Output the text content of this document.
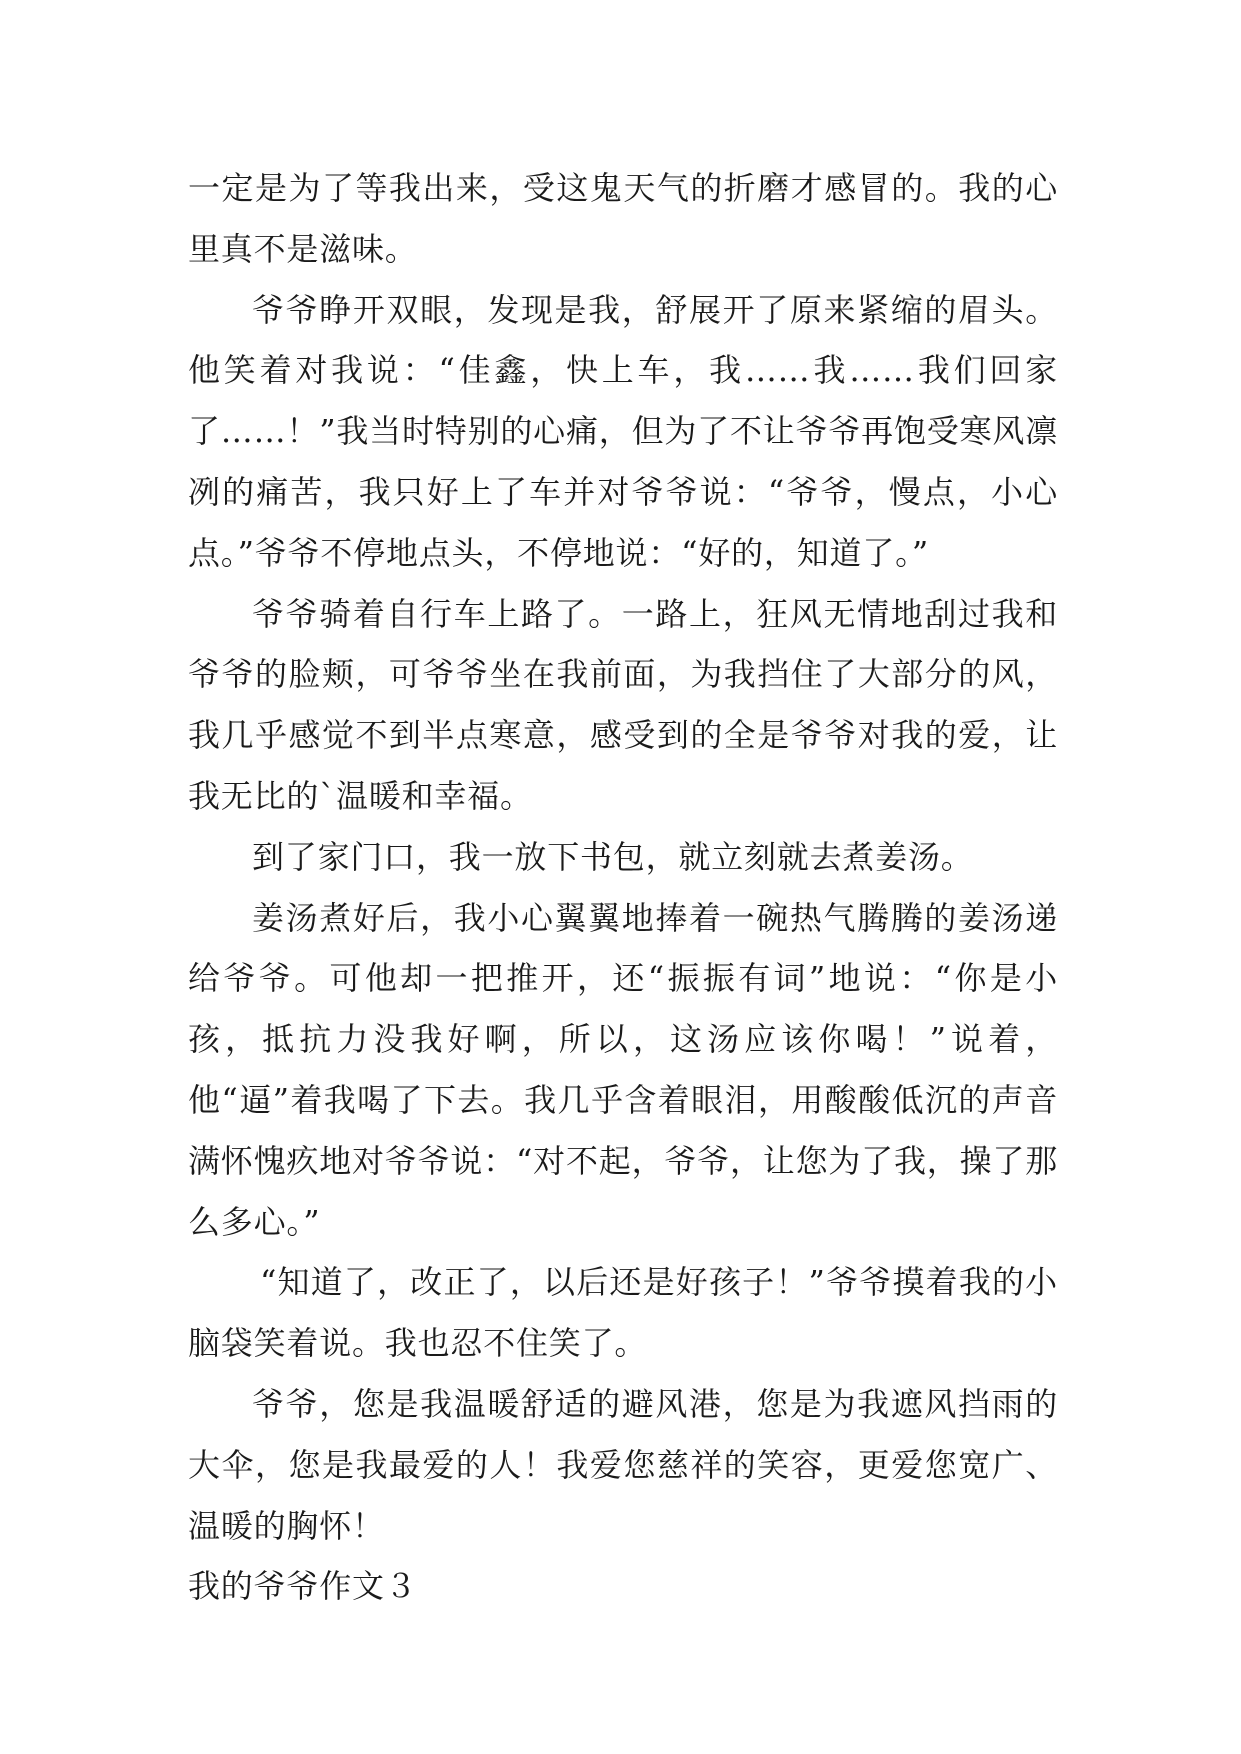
一定是为了等我出来，受这鬼天气的折磨才感冒的。我的心里真不是滋味。

爷爷睁开双眼，发现是我，舒展开了原来紧缩的眉头。他笑着对我说：“佳鑫，快上车，我……我……我们回家了……！”我当时特别的心痛，但为了不让爷爷再饱受寒风凛冽的痛苦，我只好上了车并对爷爷说：“爷爷，慢点，小心点。”爷爷不停地点头，不停地说：“好的，知道了。”

爷爷骑着自行车上路了。一路上，狂风无情地刮过我和爷爷的脸颊，可爷爷坐在我前面，为我挡住了大部分的风，我几乎感觉不到半点寒意，感受到的全是爷爷对我的爱，让我无比的`温暖和幸福。

到了家门口，我一放下书包，就立刻就去煮姜汤。

姜汤煮好后，我小心翼翼地捧着一碗热气腾腾的姜汤递给爷爷。可他却一把推开，还“振振有词”地说：“你是小孩，抵抗力没我好啊，所以，这汤应该你喝！”说着，他“逼”着我喝了下去。我几乎含着眼泪，用酸酸低沉的声音满怀愧疚地对爷爷说：“对不起，爷爷，让您为了我，操了那么多心。”

“知道了，改正了，以后还是好孩子！”爷爷摸着我的小脑袋笑着说。我也忍不住笑了。

爷爷，您是我温暖舒适的避风港，您是为我遮风挡雨的大伞，您是我最爱的人！我爱您慈祥的笑容，更爱您宽广、温暖的胸怀！

我的爷爷作文３
